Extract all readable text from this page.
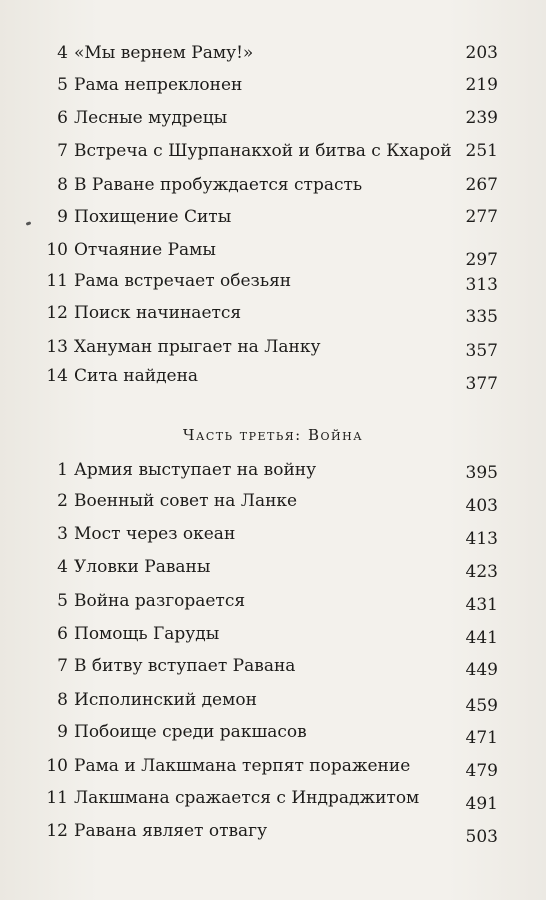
4 «Мы вернем Раму!»	203
5 Рама непреклонен	219
6 Лесные мудрецы	239
7 Встреча с Шурпанакхой и битва с Кхарой 251
8 В Раване пробуждается страсть	267
9 Похищение Ситы	277
10 Отчаяние Рамы	297
11 Рама встречает обезьян	313
12 Поиск начинается	335
13 Хануман прыгает на Ланку	357
14 Сита найдена	377
Часть третья: Война
1 Армия выступает на войну	395
2 Военный совет на Ланке	403
3 Мост через океан	413
4 Уловки Раваны	423
5 Война разгорается	431
6 Помощь Гаруды	441
7 В битву вступает Равана	449
8 Исполинский демон	459
9 Побоище среди ракшасов	471
10 Рама и Лакшмана терпят поражение	479
11 Лакшмана сражается с Индраджитом	491
12 Равана являет отвагу	503
